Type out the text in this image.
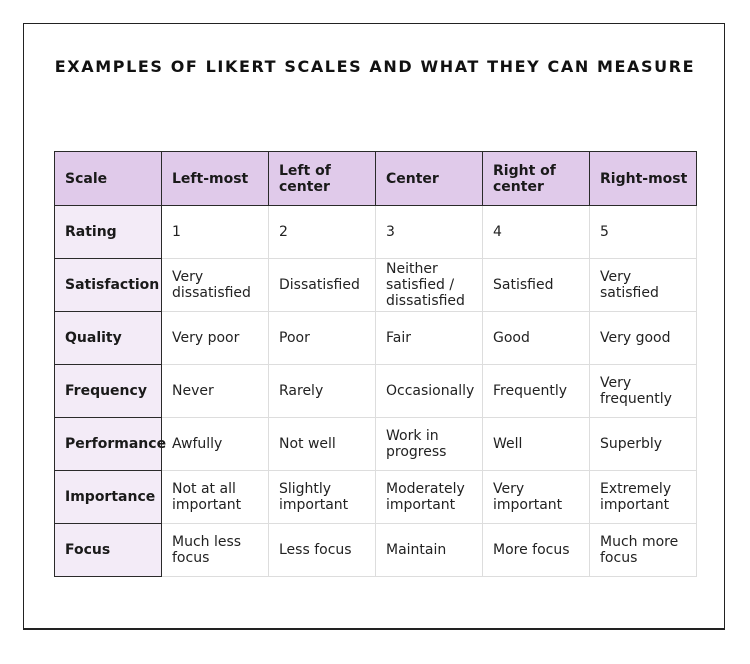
EXAMPLES OF LIKERT SCALES AND WHAT THEY CAN MEASURE
Scale	Left-most	Left of center	Center	Right of center	Right-most
Rating	1	2	3	4	5
Satisfaction	Very dissatisfied	Dissatisfied	Neither satisfied / dissatisfied	Satisfied	Very satisfied
Quality	Very poor	Poor	Fair	Good	Very good
Frequency	Never	Rarely	Occasionally	Frequently	Very frequently
Performance	Awfully	Not well	Work in progress	Well	Superbly
Importance	Not at all important	Slightly important	Moderately important	Very important	Extremely important
Focus	Much less focus	Less focus	Maintain	More focus	Much more focus
